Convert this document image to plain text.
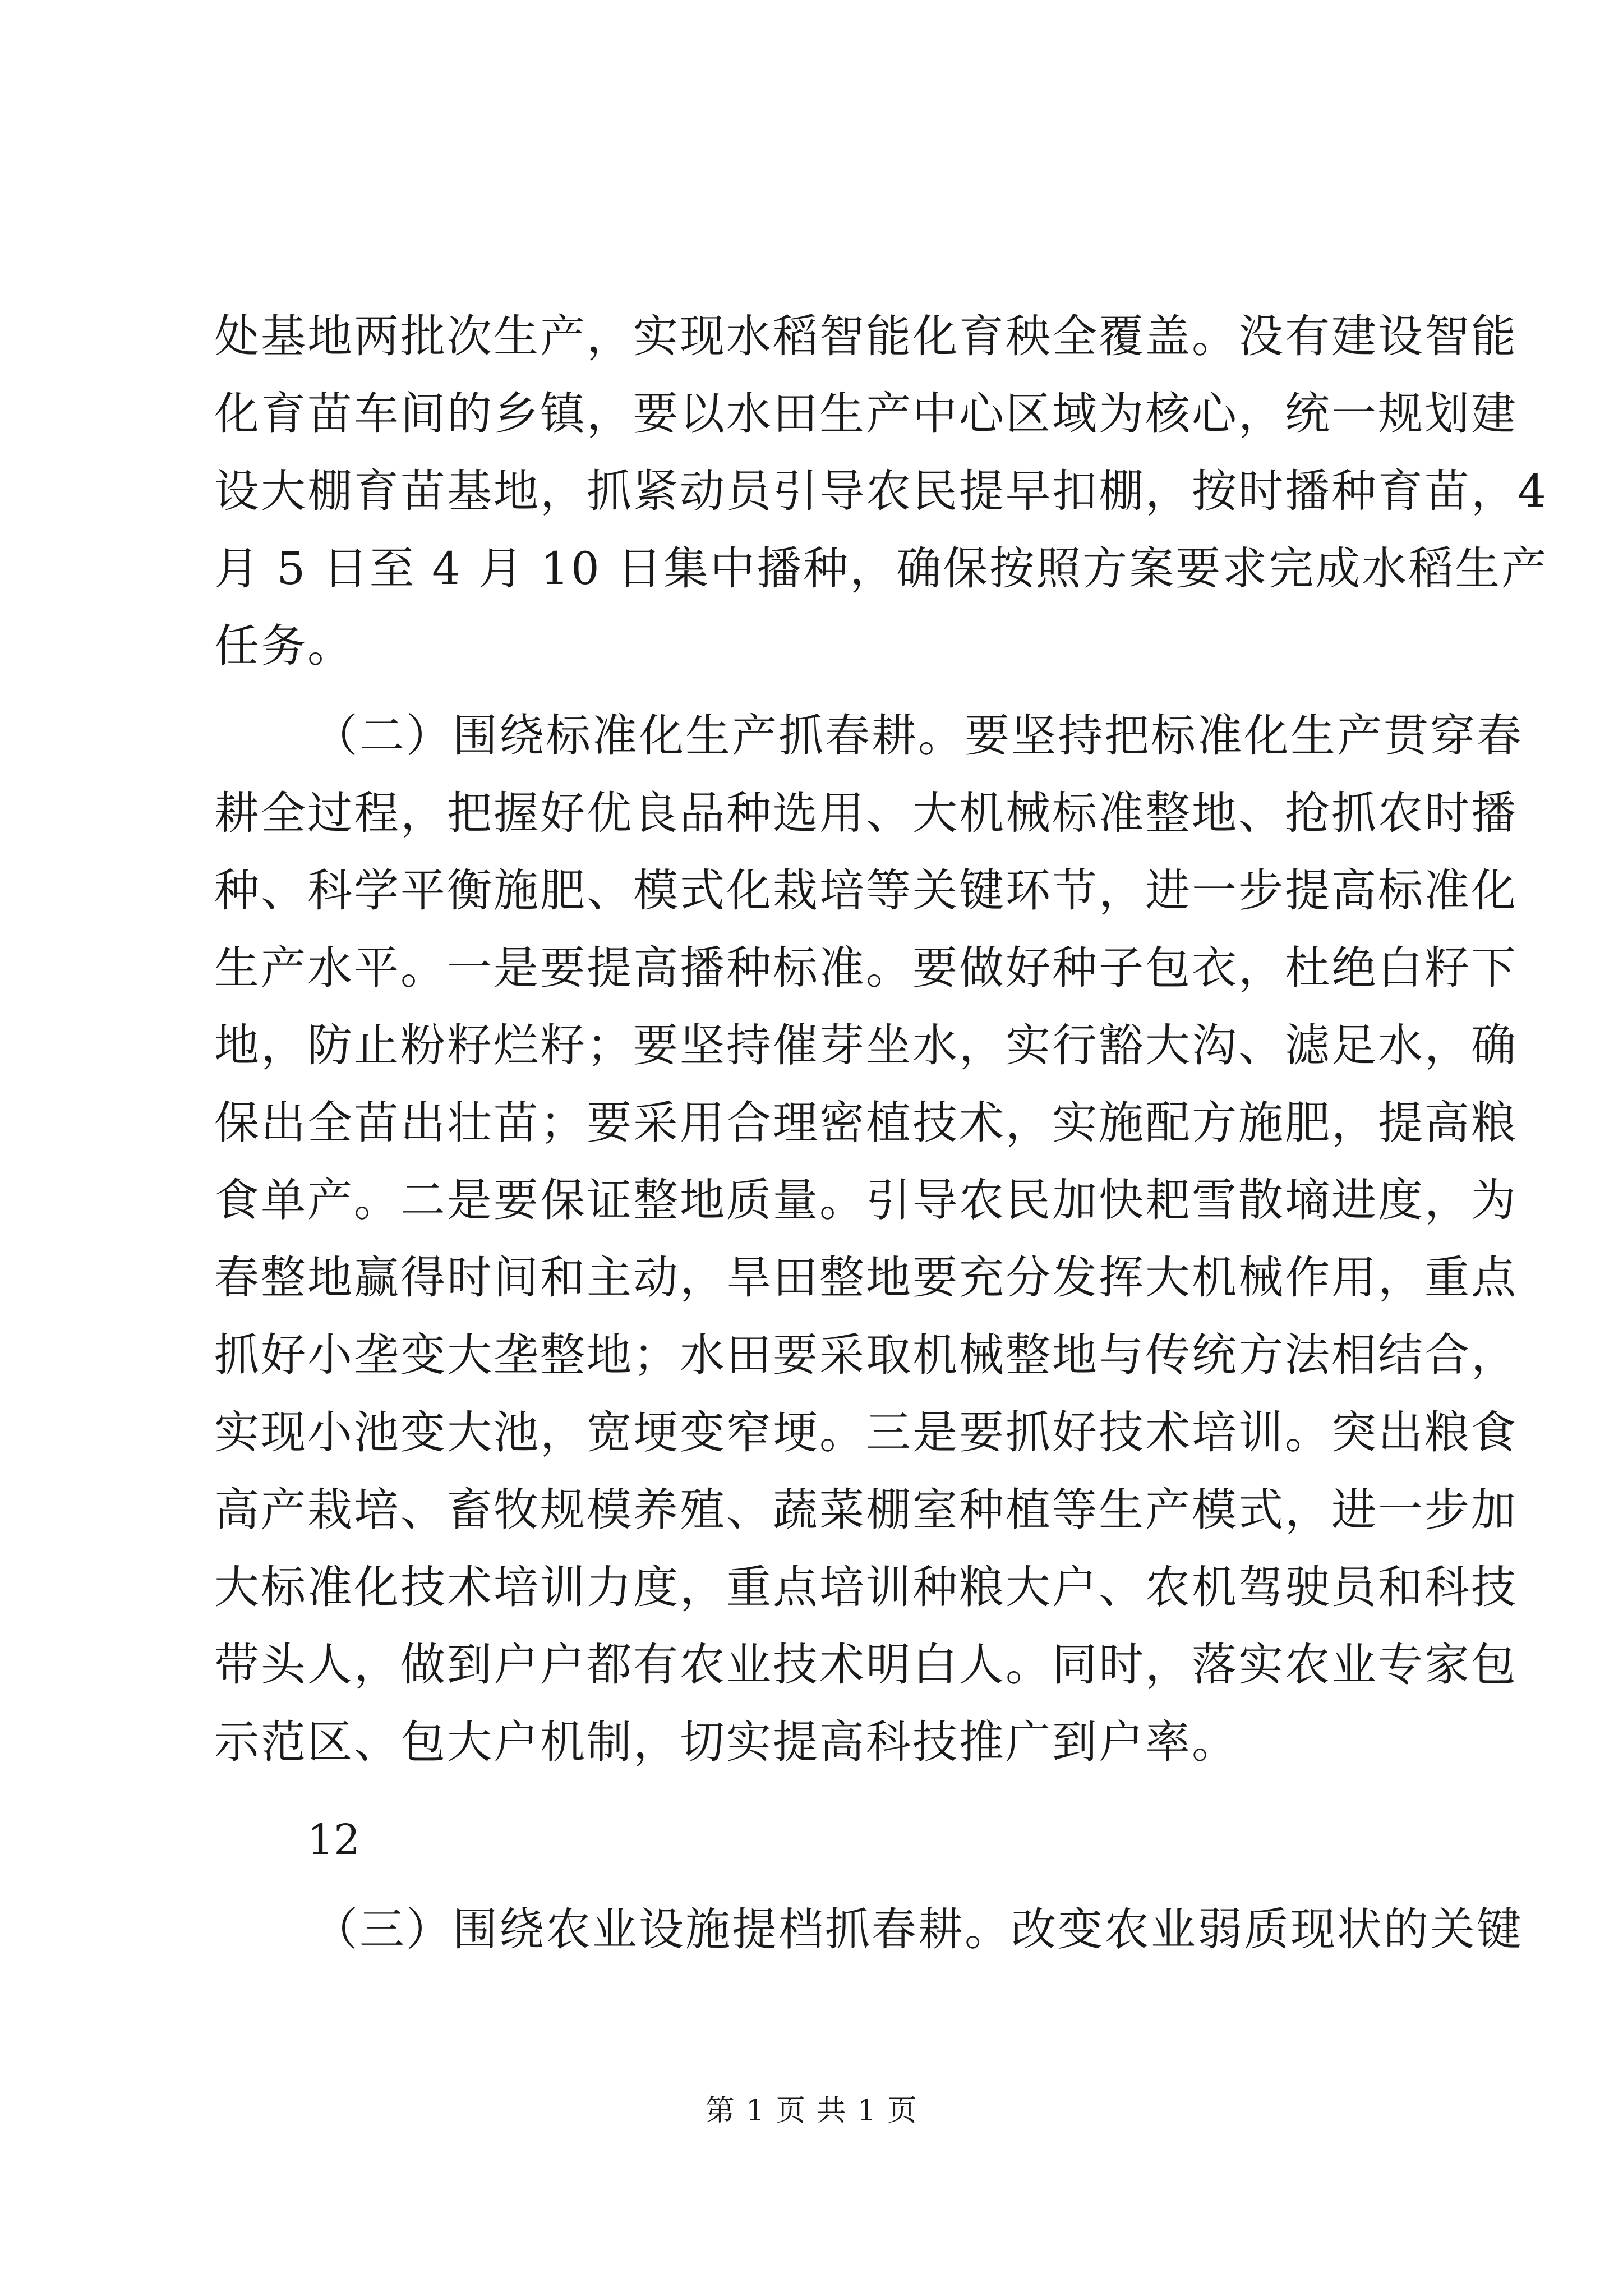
处基地两批次生产，实现水稻智能化育秧全覆盖。没有建设智能
化育苗车间的乡镇，要以水田生产中心区域为核心，统一规划建
设大棚育苗基地，抓紧动员引导农民提早扣棚，按时播种育苗，4
月 5 日至 4 月 10 日集中播种，确保按照方案要求完成水稻生产
任务。
（二）围绕标准化生产抓春耕。要坚持把标准化生产贯穿春
耕全过程，把握好优良品种选用、大机械标准整地、抢抓农时播
种、科学平衡施肥、模式化栽培等关键环节，进一步提高标准化
生产水平。一是要提高播种标准。要做好种子包衣，杜绝白籽下
地，防止粉籽烂籽；要坚持催芽坐水，实行豁大沟、滤足水，确
保出全苗出壮苗；要采用合理密植技术，实施配方施肥，提高粮
食单产。二是要保证整地质量。引导农民加快耙雪散墒进度，为
春整地赢得时间和主动，旱田整地要充分发挥大机械作用，重点
抓好小垄变大垄整地；水田要采取机械整地与传统方法相结合，
实现小池变大池，宽埂变窄埂。三是要抓好技术培训。突出粮食
高产栽培、畜牧规模养殖、蔬菜棚室种植等生产模式，进一步加
大标准化技术培训力度，重点培训种粮大户、农机驾驶员和科技
带头人，做到户户都有农业技术明白人。同时，落实农业专家包
示范区、包大户机制，切实提高科技推广到户率。
12
（三）围绕农业设施提档抓春耕。改变农业弱质现状的关键
第 1 页 共 1 页
